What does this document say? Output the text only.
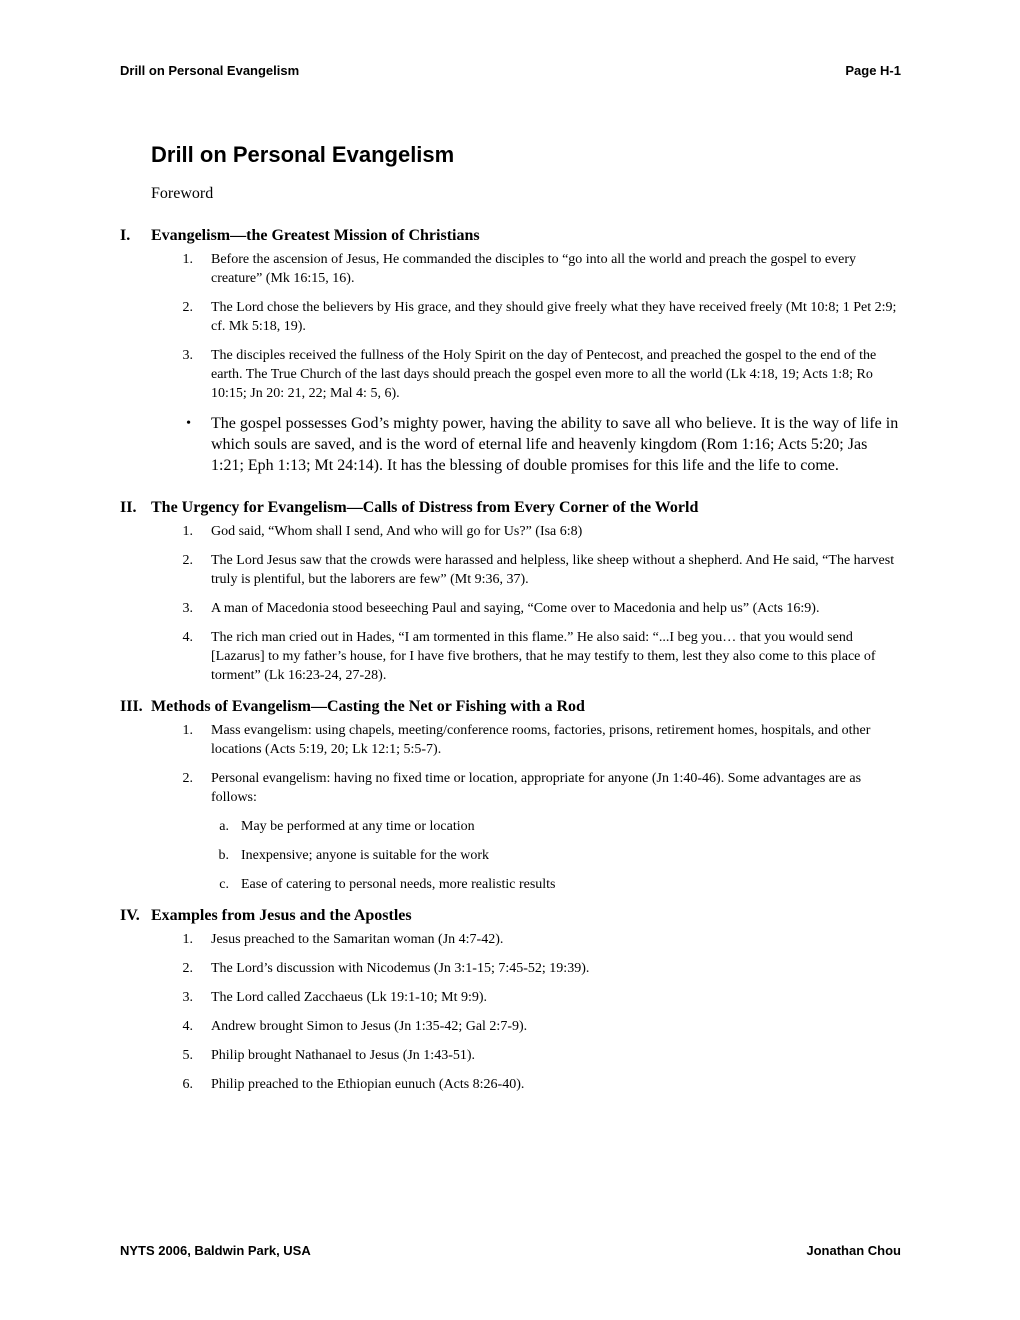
Drill on Personal Evangelism	Page H-1
Drill on Personal Evangelism
Foreword
I.	Evangelism—the Greatest Mission of Christians
1.	Before the ascension of Jesus, He commanded the disciples to “go into all the world and preach the gospel to every creature” (Mk 16:15, 16).
2.	The Lord chose the believers by His grace, and they should give freely what they have received freely (Mt 10:8; 1 Pet 2:9; cf. Mk 5:18, 19).
3.	The disciples received the fullness of the Holy Spirit on the day of Pentecost, and preached the gospel to the end of the earth. The True Church of the last days should preach the gospel even more to all the world (Lk 4:18, 19; Acts 1:8; Ro 10:15; Jn 20: 21, 22; Mal 4: 5, 6).
•	The gospel possesses God’s mighty power, having the ability to save all who believe. It is the way of life in which souls are saved, and is the word of eternal life and heavenly kingdom (Rom 1:16; Acts 5:20; Jas 1:21; Eph 1:13; Mt 24:14). It has the blessing of double promises for this life and the life to come.
II. The Urgency for Evangelism—Calls of Distress from Every Corner of the World
1.	God said, “Whom shall I send, And who will go for Us?” (Isa 6:8)
2.	The Lord Jesus saw that the crowds were harassed and helpless, like sheep without a shepherd. And He said, “The harvest truly is plentiful, but the laborers are few” (Mt 9:36, 37).
3.	A man of Macedonia stood beseeching Paul and saying, “Come over to Macedonia and help us” (Acts 16:9).
4.	The rich man cried out in Hades, “I am tormented in this flame.” He also said: “...I beg you… that you would send [Lazarus] to my father’s house, for I have five brothers, that he may testify to them, lest they also come to this place of torment” (Lk 16:23-24, 27-28).
III. Methods of Evangelism—Casting the Net or Fishing with a Rod
1.	Mass evangelism: using chapels, meeting/conference rooms, factories, prisons, retirement homes, hospitals, and other locations (Acts 5:19, 20; Lk 12:1; 5:5-7).
2.	Personal evangelism: having no fixed time or location, appropriate for anyone (Jn 1:40-46). Some advantages are as follows:
a. May be performed at any time or location
b. Inexpensive; anyone is suitable for the work
c. Ease of catering to personal needs, more realistic results
IV. Examples from Jesus and the Apostles
1.	Jesus preached to the Samaritan woman (Jn 4:7-42).
2.	The Lord’s discussion with Nicodemus (Jn 3:1-15; 7:45-52; 19:39).
3.	The Lord called Zacchaeus (Lk 19:1-10; Mt 9:9).
4.	Andrew brought Simon to Jesus (Jn 1:35-42; Gal 2:7-9).
5.	Philip brought Nathanael to Jesus (Jn 1:43-51).
6.	Philip preached to the Ethiopian eunuch (Acts 8:26-40).
NYTS 2006, Baldwin Park, USA	Jonathan Chou
